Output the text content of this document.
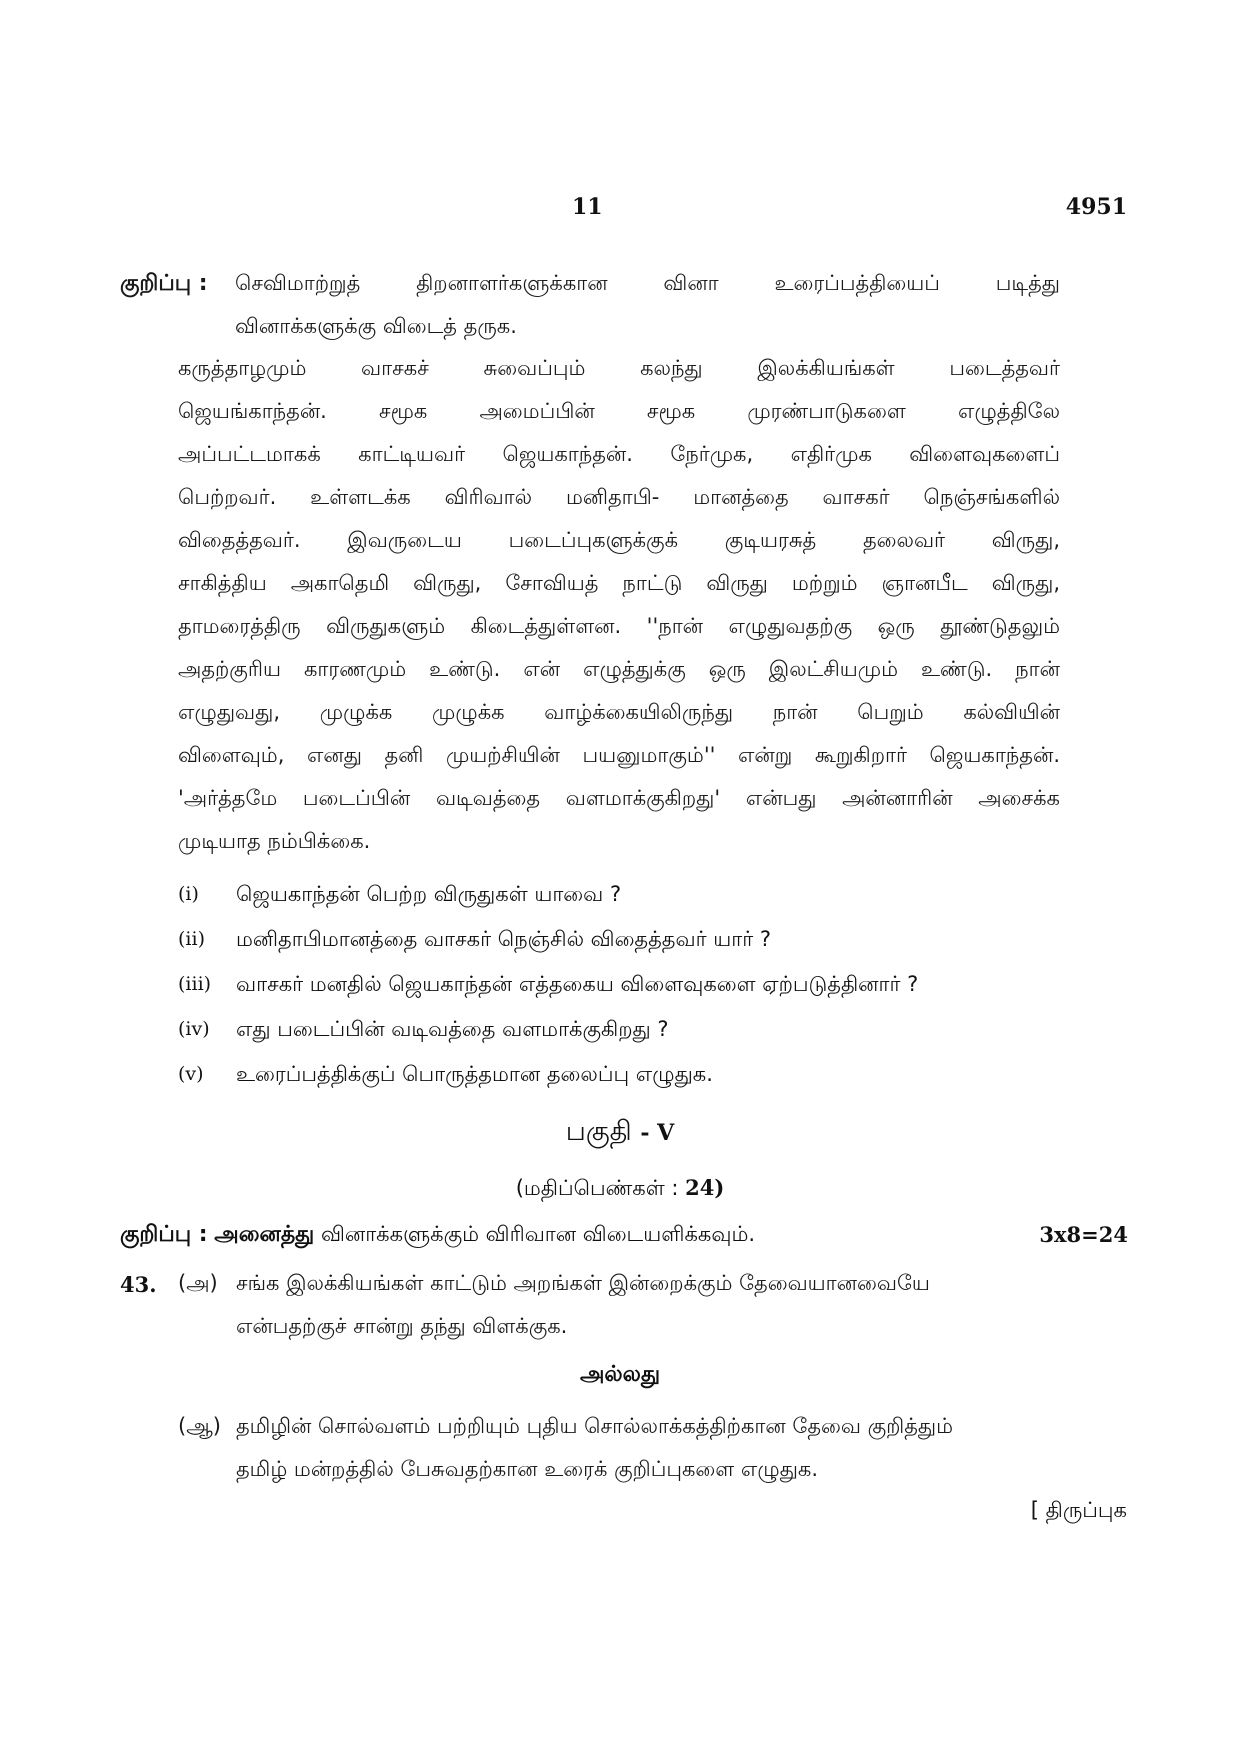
11	4951
குறிப்பு : செவிமாற்றுத் திறனாளர்களுக்கான வினா உரைப்பத்தியைப் படித்து
வினாக்களுக்கு விடைத் தருக.
கருத்தாழமும் வாசகச் சுவைப்பும் கலந்து இலக்கியங்கள் படைத்தவர்
ஜெயங்காந்தன். சமூக அமைப்பின் சமூக முரண்பாடுகளை எழுத்திலே
அப்பட்டமாகக் காட்டியவர் ஜெயகாந்தன். நேர்முக, எதிர்முக விளைவுகளைப்
பெற்றவர். உள்ளடக்க விரிவால் மனிதாபி- மானத்தை வாசகர் நெஞ்சங்களில்
விதைத்தவர். இவருடைய படைப்புகளுக்குக் குடியரசுத் தலைவர் விருது,
சாகித்திய அகாதெமி விருது, சோவியத் நாட்டு விருது மற்றும் ஞானபீட விருது,
தாமரைத்திரு விருதுகளும் கிடைத்துள்ளன. ''நான் எழுதுவதற்கு ஒரு தூண்டுதலும்
அதற்குரிய காரணமும் உண்டு. என் எழுத்துக்கு ஒரு இலட்சியமும் உண்டு. நான்
எழுதுவது, முழுக்க முழுக்க வாழ்க்கையிலிருந்து நான் பெறும் கல்வியின்
விளைவும், எனது தனி முயற்சியின் பயனுமாகும்'' என்று கூறுகிறார் ஜெயகாந்தன்.
'அர்த்தமே படைப்பின் வடிவத்தை வளமாக்குகிறது' என்பது அன்னாரின் அசைக்க
முடியாத நம்பிக்கை.
(i) ஜெயகாந்தன் பெற்ற விருதுகள் யாவை ?
(ii) மனிதாபிமானத்தை வாசகர் நெஞ்சில் விதைத்தவர் யார் ?
(iii) வாசகர் மனதில் ஜெயகாந்தன் எத்தகைய விளைவுகளை ஏற்படுத்தினார் ?
(iv) எது படைப்பின் வடிவத்தை வளமாக்குகிறது ?
(v) உரைப்பத்திக்குப் பொருத்தமான தலைப்பு எழுதுக.
பகுதி - V
(மதிப்பெண்கள் : 24)
குறிப்பு : அனைத்து வினாக்களுக்கும் விரிவான விடையளிக்கவும்.	3x8=24
43. (அ) சங்க இலக்கியங்கள் காட்டும் அறங்கள் இன்றைக்கும் தேவையானவையே
என்பதற்குச் சான்று தந்து விளக்குக.
அல்லது
(ஆ) தமிழின் சொல்வளம் பற்றியும் புதிய சொல்லாக்கத்திற்கான தேவை குறித்தும்
தமிழ் மன்றத்தில் பேசுவதற்கான உரைக் குறிப்புகளை எழுதுக.
[ திருப்புக
